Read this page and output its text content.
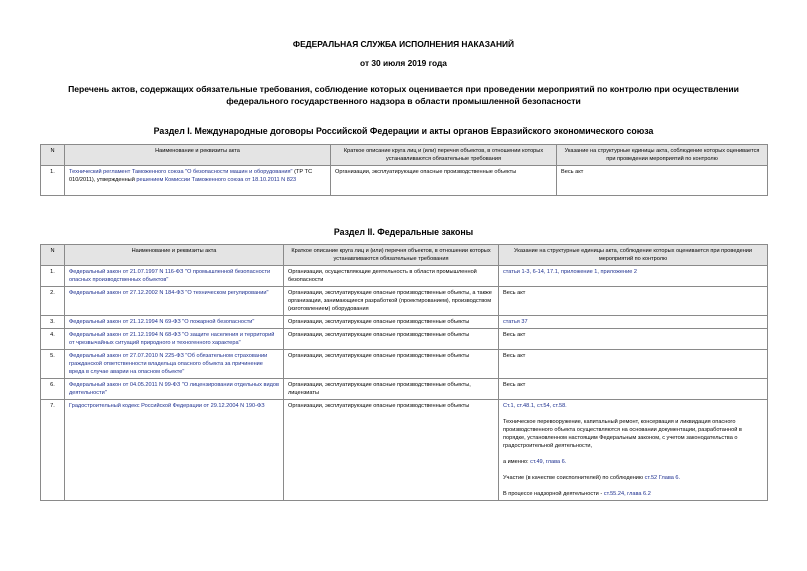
ФЕДЕРАЛЬНАЯ СЛУЖБА ИСПОЛНЕНИЯ НАКАЗАНИЙ
от 30 июля 2019 года
Перечень актов, содержащих обязательные требования, соблюдение которых оценивается при проведении мероприятий по контролю при осуществлении
федерального государственного надзора в области промышленной безопасности
Раздел I. Международные договоры Российской Федерации и акты органов Евразийского экономического союза
N	Наименование и реквизиты акта	Краткое описание круга лиц и (или) перечня объектов, в отношении которых устанавливаются обязательные требования	Указание на структурные единицы акта, соблюдение которых оценивается при проведении мероприятий по контролю
1.	Технический регламент Таможенного союза "О безопасности машин и оборудования" (ТР ТС 010/2011), утвержденный решением Комиссии Таможенного союза от 18.10.2011 N 823	Организации, эксплуатирующие опасные производственные объекты	Весь акт
Раздел II. Федеральные законы
N	Наименование и реквизиты акта	Краткое описание круга лиц и (или) перечня объектов, в отношении которых устанавливаются обязательные требования	Указание на структурные единицы акта, соблюдение которых оценивается при проведении мероприятий по контролю
1.	Федеральный закон от 21.07.1997 N 116-ФЗ "О промышленной безопасности опасных производственных объектов"	Организации, осуществляющие деятельность в области промышленной безопасности	статьи 1-3, 6-14, 17.1, приложение 1, приложение 2
2.	Федеральный закон от 27.12.2002 N 184-ФЗ "О техническом регулировании"	Организации, эксплуатирующие опасные производственные объекты, а также организации, занимающиеся разработкой (проектированием), производством (изготовлением) оборудования	Весь акт
3.	Федеральный закон от 21.12.1994 N 69-ФЗ "О пожарной безопасности"	Организации, эксплуатирующие опасные производственные объекты	статья 37
4.	Федеральный закон от 21.12.1994 N 68-ФЗ "О защите населения и территорий от чрезвычайных ситуаций природного и техногенного характера"	Организации, эксплуатирующие опасные производственные объекты	Весь акт
5.	Федеральный закон от 27.07.2010 N 225-ФЗ "Об обязательном страховании гражданской ответственности владельца опасного объекта за причинение вреда в случае аварии на опасном объекте"	Организации, эксплуатирующие опасные производственные объекты	Весь акт
6.	Федеральный закон от 04.05.2011 N 99-ФЗ "О лицензировании отдельных видов деятельности"	Организации, эксплуатирующие опасные производственные объекты, лицензиаты	Весь акт
7.	Градостроительный кодекс Российской Федерации от 29.12.2004 N 190-ФЗ	Организации, эксплуатирующие опасные производственные объекты	Ст.1, ст.48.1, ст.54, ст.58.
Техническое перевооружение, капитальный ремонт, консервация и ликвидация опасного производственного объекта осуществляются на основании документации, разработанной в порядке, установленном настоящим Федеральным законом, с учетом законодательства о градостроительной деятельности,
а именно: ст.49, глава 6.
Участие (в качестве соисполнителей) по соблюдению ст.52 Глава 6.
В процессе надзорной деятельности - ст.55.24, глава 6.2
